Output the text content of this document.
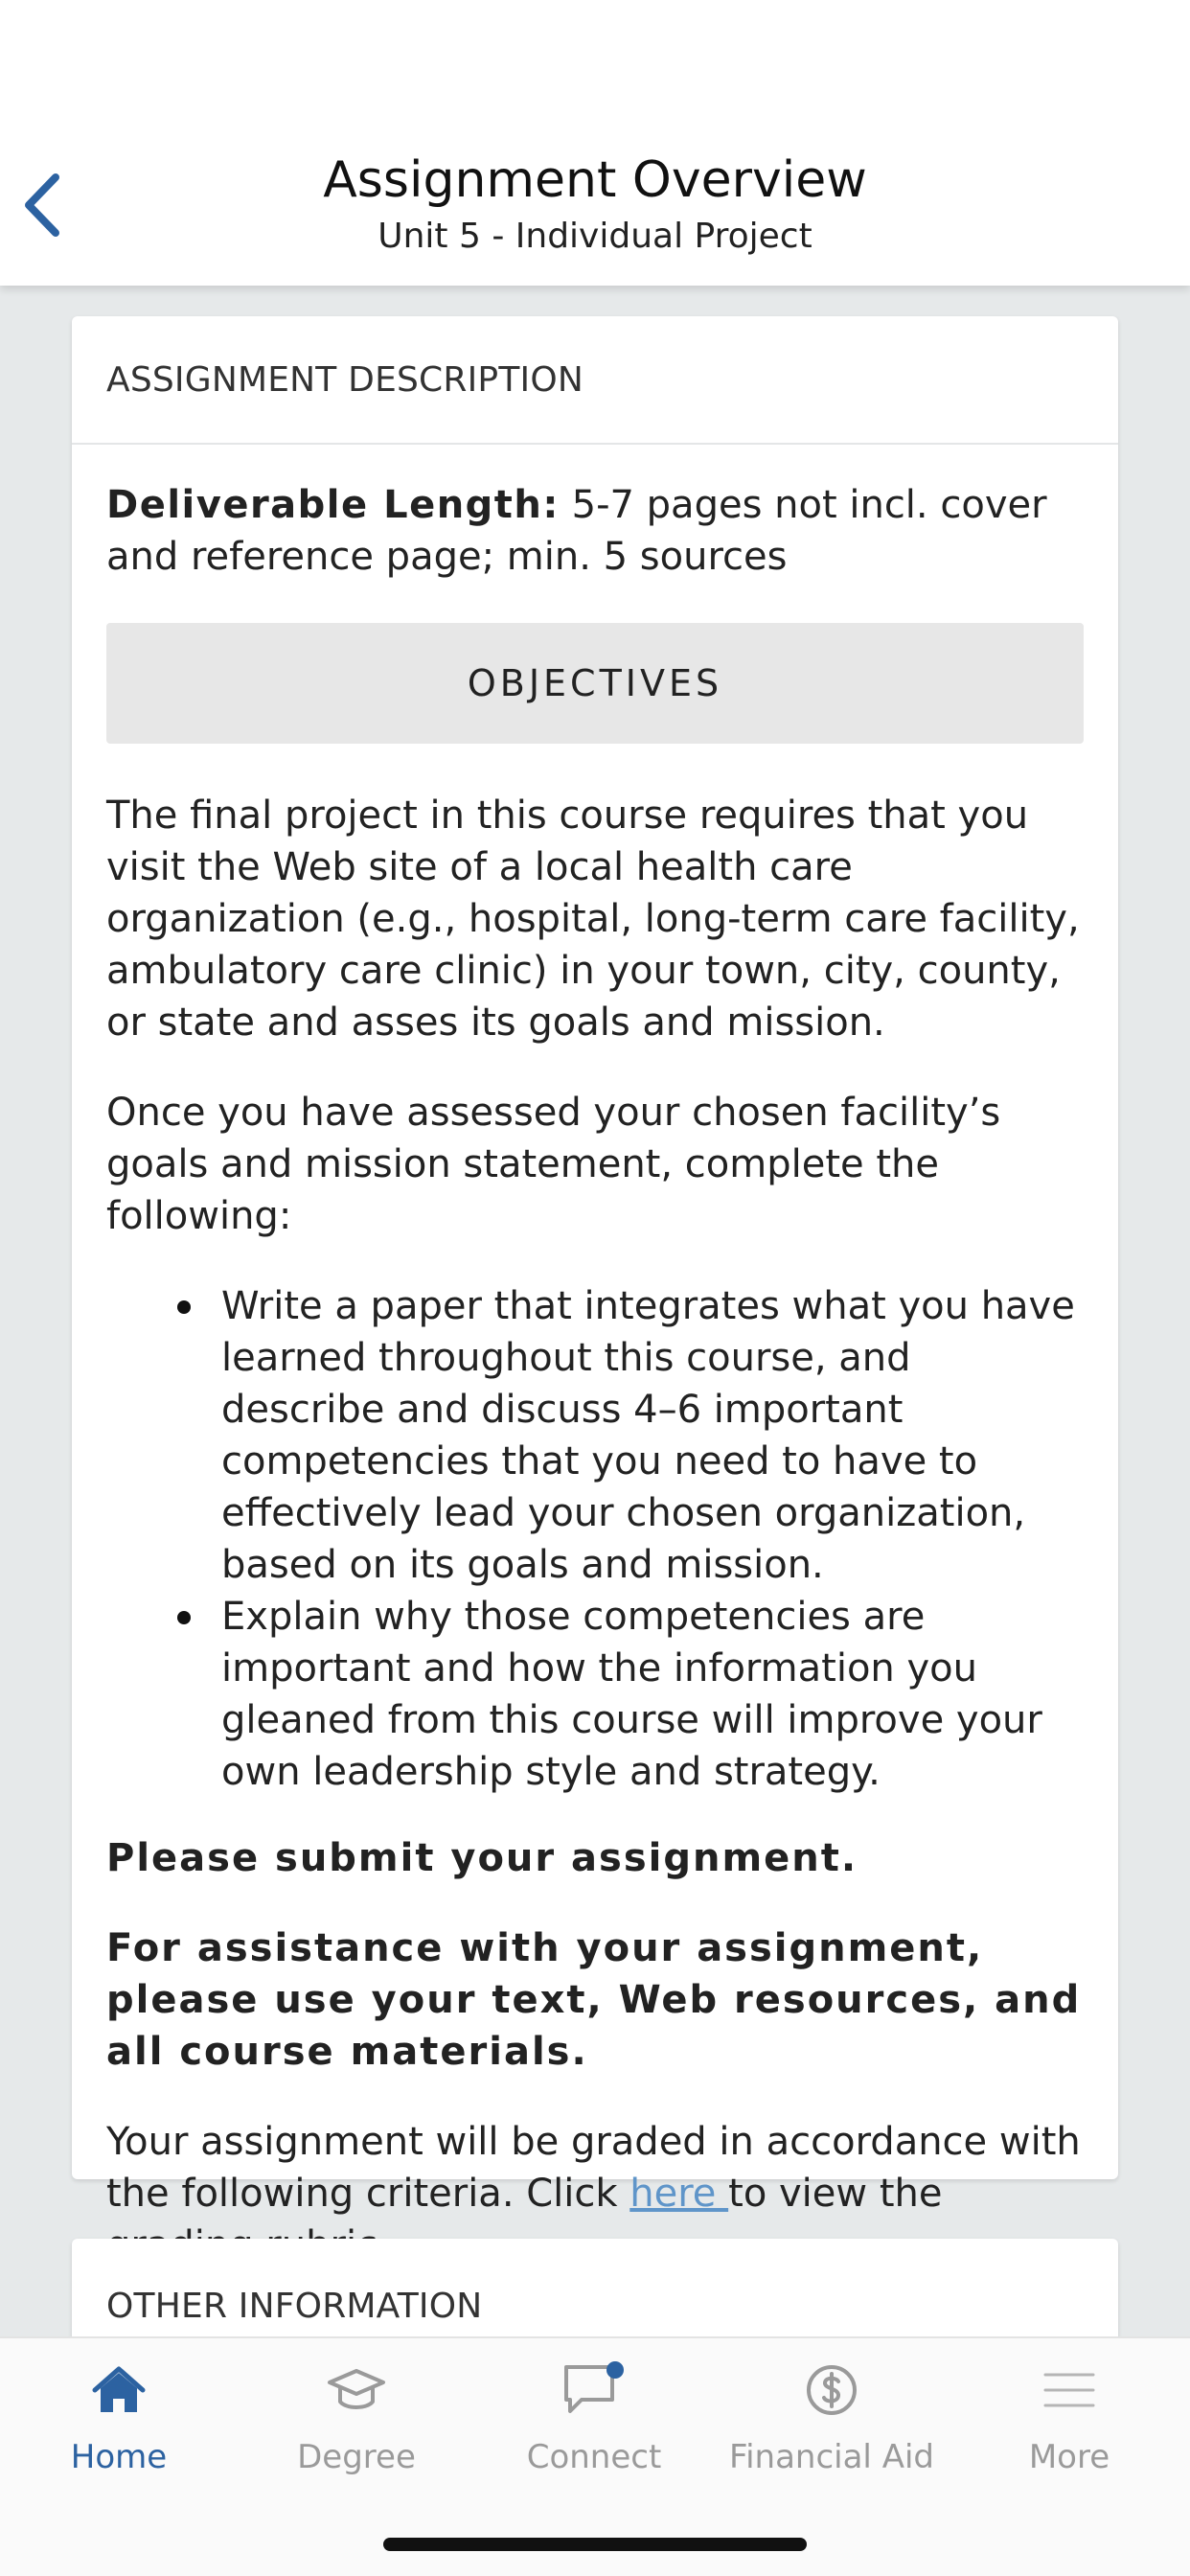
Assignment Overview
Unit 5 - Individual Project
ASSIGNMENT DESCRIPTION

Deliverable Length: 5-7 pages not incl. cover and reference page; min. 5 sources

OBJECTIVES

The final project in this course requires that you visit the Web site of a local health care organization (e.g., hospital, long-term care facility, ambulatory care clinic) in your town, city, county, or state and asses its goals and mission.

Once you have assessed your chosen facility’s goals and mission statement, complete the following:

Write a paper that integrates what you have learned throughout this course, and describe and discuss 4–6 important competencies that you need to have to effectively lead your chosen organization, based on its goals and mission.
Explain why those competencies are important and how the information you gleaned from this course will improve your own leadership style and strategy.

Please submit your assignment.

For assistance with your assignment, please use your text, Web resources, and all course materials.

Your assignment will be graded in accordance with the following criteria. Click here to view the

OTHER INFORMATION
Home	Degree	Connect Financial Aid	More
